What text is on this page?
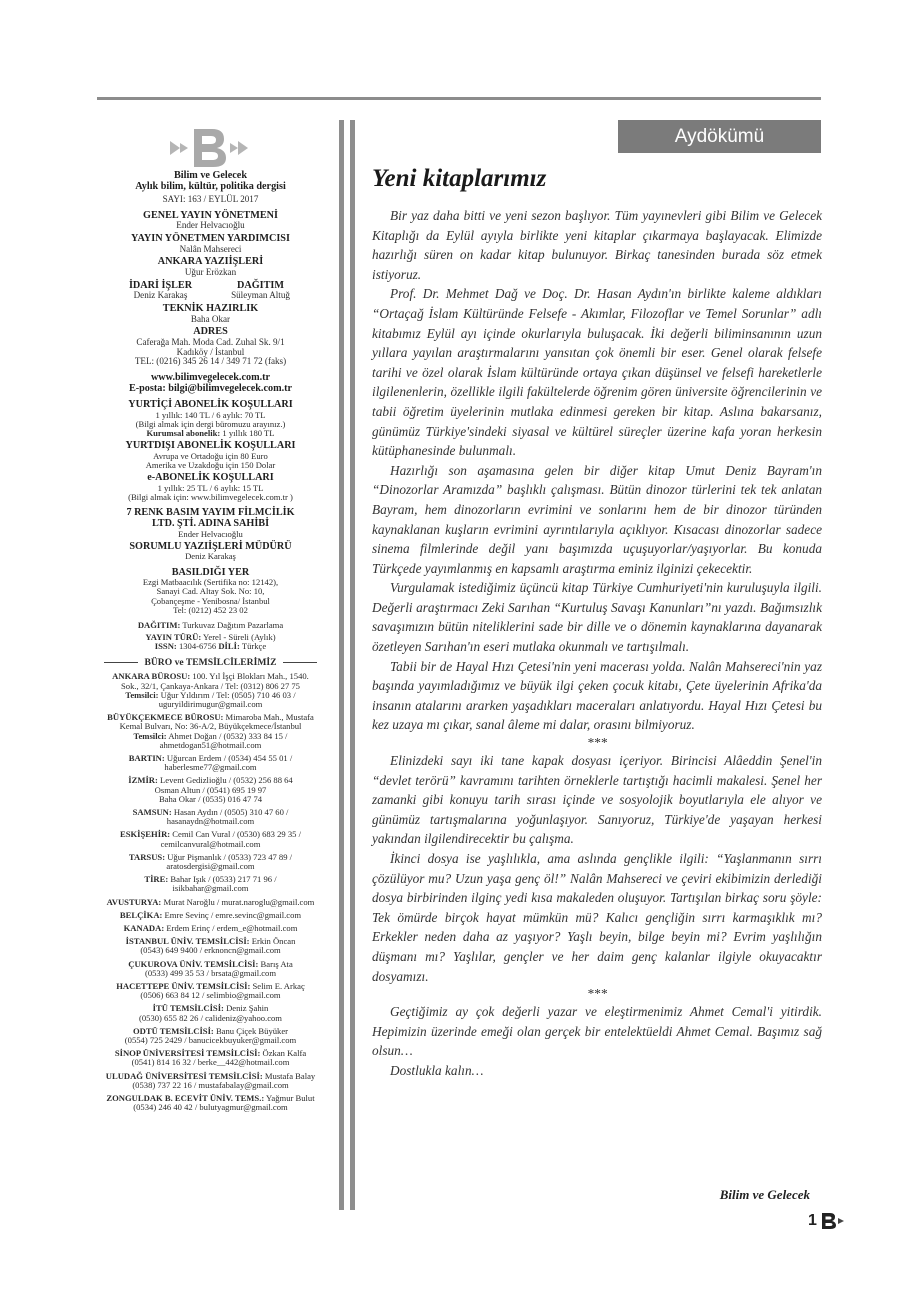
Bilim ve Gelecek
Aylık bilim, kültür, politika dergisi
SAYI: 163 / EYLÜL 2017
GENEL YAYIN YÖNETMENİ
Ender Helvacıoğlu
YAYIN YÖNETMEN YARDIMCISI
Nalân Mahsereci
ANKARA YAZIİŞLERİ
Uğur Erözkan
İDARİ İŞLER
Deniz Karakaş
DAĞITIM
Süleyman Altuğ
TEKNİK HAZIRLIK
Baha Okar
ADRES
Caferağa Mah. Moda Cad. Zuhal Sk. 9/1
Kadıköy / İstanbul
TEL: (0216) 345 26 14 / 349 71 72 (faks)
www.bilimvegelecek.com.tr
E-posta: bilgi@bilimvegelecek.com.tr
YURTİÇİ ABONELİK KOŞULLARI
1 yıllık: 140 TL / 6 aylık: 70 TL
(Bilgi almak için dergi büromuzu arayınız.)
Kurumsal abonelik: 1 yıllık 180 TL
YURTDIŞI ABONELİK KOŞULLARI
Avrupa ve Ortadoğu için 80 Euro
Amerika ve Uzakdoğu için 150 Dolar
e-ABONELİK KOŞULLARI
1 yıllık: 25 TL / 6 aylık: 15 TL
(Bilgi almak için: www.bilimvegelecek.com.tr )
7 RENK BASIM YAYIM FİLMCİLİK
LTD. ŞTİ. ADINA SAHİBİ
Ender Helvacıoğlu
SORUMLU YAZIİŞLERİ MÜDÜRÜ
Deniz Karakaş
BASILDIĞI YER
Ezgi Matbaacılık (Sertifika no: 12142),
Sanayi Cad. Altay Sok. No: 10,
Çobançeşme - Yenibosna/ İstanbul
Tel: (0212) 452 23 02
DAĞITIM: Turkuvaz Dağıtım Pazarlama
YAYIN TÜRÜ: Yerel - Süreli (Aylık)
ISSN: 1304-6756 DİLİ: Türkçe
BÜRO ve TEMSİLCİLERİMİZ
ANKARA BÜROSU: 100. Yıl İşçi Blokları Mah., 1540.
Sok., 32/1, Çankaya-Ankara / Tel: (0312) 806 27 75
Temsilci: Uğur Yıldırım / Tel: (0505) 710 46 03 /
uguryildirimugur@gmail.com
BÜYÜKÇEKMECE BÜROSU: Mimaroba Mah., Mustafa
Kemal Bulvarı, No: 36-A/2, Büyükçekmece/İstanbul
Temsilci: Ahmet Doğan / (0532) 333 84 15 /
ahmetdogan51@hotmail.com
BARTIN: Uğurcan Erdem / (0534) 454 55 01 /
haberlesme77@gmail.com
İZMİR: Levent Gedizlioğlu / (0532) 256 88 64
Osman Altun / (0541) 695 19 97
Baha Okar / (0535) 016 47 74
SAMSUN: Hasan Aydın / (0505) 310 47 60 /
hasanaydn@hotmail.com
ESKİŞEHİR: Cemil Can Vural / (0530) 683 29 35 /
cemilcanvural@hotmail.com
TARSUS: Uğur Pişmanlık / (0533) 723 47 89 /
aratosdergisi@gmail.com
TİRE: Bahar Işık / (0533) 217 71 96 /
isikbahar@gmail.com
AVUSTURYA: Murat Naroğlu / murat.naroglu@gmail.com
BELÇİKA: Emre Sevinç / emre.sevinc@gmail.com
KANADA: Erdem Erinç / erdem_e@hotmail.com
İSTANBUL ÜNİV. TEMSİLCİSİ: Erkin Öncan
(0543) 649 9400 / erknoncn@gmail.com
ÇUKUROVA ÜNİV. TEMSİLCİSİ: Barış Ata
(0533) 499 35 53 / brsata@gmail.com
HACETTEPE ÜNİV. TEMSİLCİSİ: Selim E. Arkaç
(0506) 663 84 12 / selimbio@gmail.com
İTÜ TEMSİLCİSİ: Deniz Şahin
(0530) 655 82 26 / calideniz@yahoo.com
ODTÜ TEMSİLCİSİ: Banu Çiçek Büyüker
(0554) 725 2429 / banucicekbuyuker@gmail.com
SİNOP ÜNİVERSİTESİ TEMSİLCİSİ: Özkan Kalfa
(0541) 814 16 32 / berke__442@hotmail.com
ULUDAĞ ÜNİVERSİTESİ TEMSİLCİSİ: Mustafa Balay
(0538) 737 22 16 / mustafabalay@gmail.com
ZONGULDAK B. ECEVİT ÜNİV. TEMS.: Yağmur Bulut
(0534) 246 40 42 / bulutyagmur@gmail.com
Aydökümü
Yeni kitaplarımız

Bir yaz daha bitti ve yeni sezon başlıyor. Tüm yayınevleri gibi Bilim ve Gelecek Kitaplığı da Eylül ayıyla birlikte yeni kitaplar çıkarmaya başlayacak. Elimizde hazırlığı süren on kadar kitap bulunuyor. Birkaç tanesinden burada söz etmek istiyoruz.

Prof. Dr. Mehmet Dağ ve Doç. Dr. Hasan Aydın'ın birlikte kaleme aldıkları “Ortaçağ İslam Kültüründe Felsefe - Akımlar, Filozoflar ve Temel Sorunlar” adlı kitabımız Eylül ayı içinde okurlarıyla buluşacak. İki değerli biliminsanının uzun yıllara yayılan araştırmalarını yansıtan çok önemli bir eser. Genel olarak felsefe tarihi ve özel olarak İslam kültüründe ortaya çıkan düşünsel ve felsefi hareketlerle ilgilenenlerin, özellikle ilgili fakültelerde öğrenim gören üniversite öğrencilerinin ve tabii öğretim üyelerinin mutlaka edinmesi gereken bir kitap. Aslına bakarsanız, günümüz Türkiye'sindeki siyasal ve kültürel süreçler üzerine kafa yoran herkesin kütüphanesinde bulunmalı.

Hazırlığı son aşamasına gelen bir diğer kitap Umut Deniz Bayram'ın “Dinozorlar Aramızda” başlıklı çalışması. Bütün dinozor türlerini tek tek anlatan Bayram, hem dinozorların evrimini ve sonlarını hem de bir dinozor türünden kaynaklanan kuşların evrimini ayrıntılarıyla açıklıyor. Kısacası dinozorlar sadece sinema filmlerinde değil yanı başımızda uçuşuyorlar/yaşıyorlar. Bu konuda Türkçede yayımlanmış en kapsamlı araştırma eminiz ilginizi çekecektir.

Vurgulamak istediğimiz üçüncü kitap Türkiye Cumhuriyeti'nin kuruluşuyla ilgili. Değerli araştırmacı Zeki Sarıhan “Kurtuluş Savaşı Kanunları”nı yazdı. Bağımsızlık savaşımızın bütün niteliklerini sade bir dille ve o dönemin kaynaklarına dayanarak özetleyen Sarıhan'ın eseri mutlaka okunmalı ve tartışılmalı.

Tabii bir de Hayal Hızı Çetesi'nin yeni macerası yolda. Nalân Mahsereci'nin yaz başında yayımladığımız ve büyük ilgi çeken çocuk kitabı, Çete üyelerinin Afrika'da insanın atalarını ararken yaşadıkları maceraları anlatıyordu. Hayal Hızı Çetesi bu kez uzaya mı çıkar, sanal âleme mi dalar, orasını bilmiyoruz.

***

Elinizdeki sayı iki tane kapak dosyası içeriyor. Birincisi Alâeddin Şenel'in “devlet terörü” kavramını tarihten örneklerle tartıştığı hacimli makalesi. Şenel her zamanki gibi konuyu tarih sırası içinde ve sosyolojik boyutlarıyla ele alıyor ve günümüz tartışmalarına yoğunlaşıyor. Sanıyoruz, Türkiye'de yaşayan herkesi yakından ilgilendirecektir bu çalışma.

İkinci dosya ise yaşlılıkla, ama aslında gençlikle ilgili: “Yaşlanmanın sırrı çözülüyor mu? Uzun yaşa genç öl!” Nalân Mahsereci ve çeviri ekibimizin derlediği dosya birbirinden ilginç yedi kısa makaleden oluşuyor. Tartışılan birkaç soru şöyle: Tek ömürde birçok hayat mümkün mü? Kalıcı gençliğin sırrı karmaşıklık mı? Erkekler neden daha az yaşıyor? Yaşlı beyin, bilge beyin mi? Evrim yaşlılığın düşmanı mı? Yaşlılar, gençler ve her daim genç kalanlar ilgiyle okuyacaktır dosyamızı.

***

Geçtiğimiz ay çok değerli yazar ve eleştirmenimiz Ahmet Cemal'i yitirdik. Hepimizin üzerinde emeği olan gerçek bir entelektüeldi Ahmet Cemal. Başımız sağ olsun…

Dostlukla kalın…

Bilim ve Gelecek
1
